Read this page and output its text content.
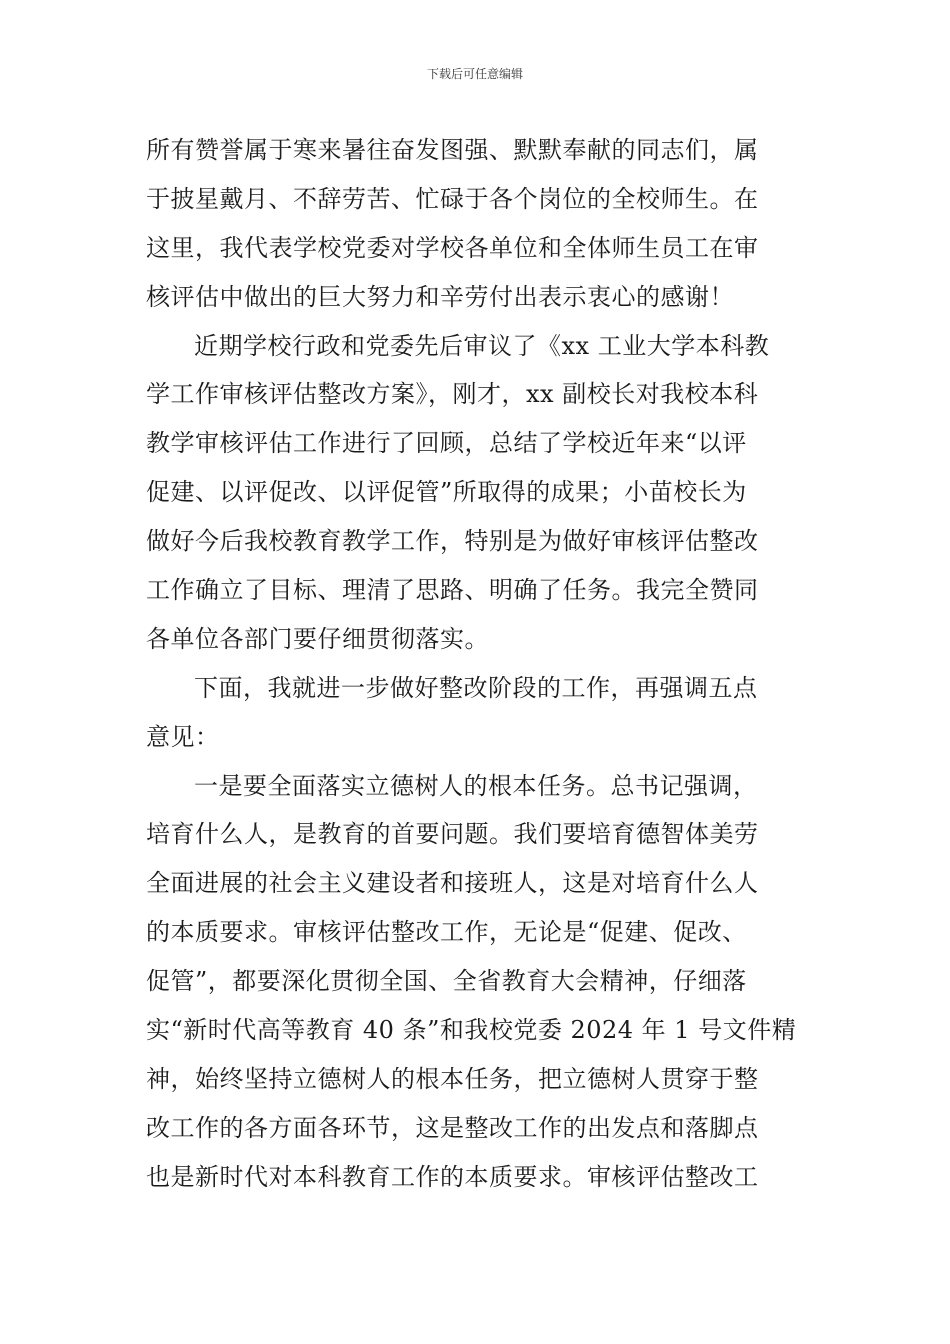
下载后可任意编辑
所有赞誉属于寒来暑往奋发图强、默默奉献的同志们，属
于披星戴月、不辞劳苦、忙碌于各个岗位的全校师生。在
这里，我代表学校党委对学校各单位和全体师生员工在审
核评估中做出的巨大努力和辛劳付出表示衷心的感谢！
近期学校行政和党委先后审议了《xx 工业大学本科教
学工作审核评估整改方案》，刚才，xx 副校长对我校本科
教学审核评估工作进行了回顾，总结了学校近年来“以评
促建、以评促改、以评促管”所取得的成果；小苗校长为
做好今后我校教育教学工作，特别是为做好审核评估整改
工作确立了目标、理清了思路、明确了任务。我完全赞同
各单位各部门要仔细贯彻落实。
下面，我就进一步做好整改阶段的工作，再强调五点
意见：
一是要全面落实立德树人的根本任务。总书记强调，
培育什么人，是教育的首要问题。我们要培育德智体美劳
全面进展的社会主义建设者和接班人，这是对培育什么人
的本质要求。审核评估整改工作，无论是“促建、促改、
促管”，都要深化贯彻全国、全省教育大会精神，仔细落
实“新时代高等教育 40 条”和我校党委 2024 年 1 号文件精
神，始终坚持立德树人的根本任务，把立德树人贯穿于整
改工作的各方面各环节，这是整改工作的出发点和落脚点
也是新时代对本科教育工作的本质要求。审核评估整改工
